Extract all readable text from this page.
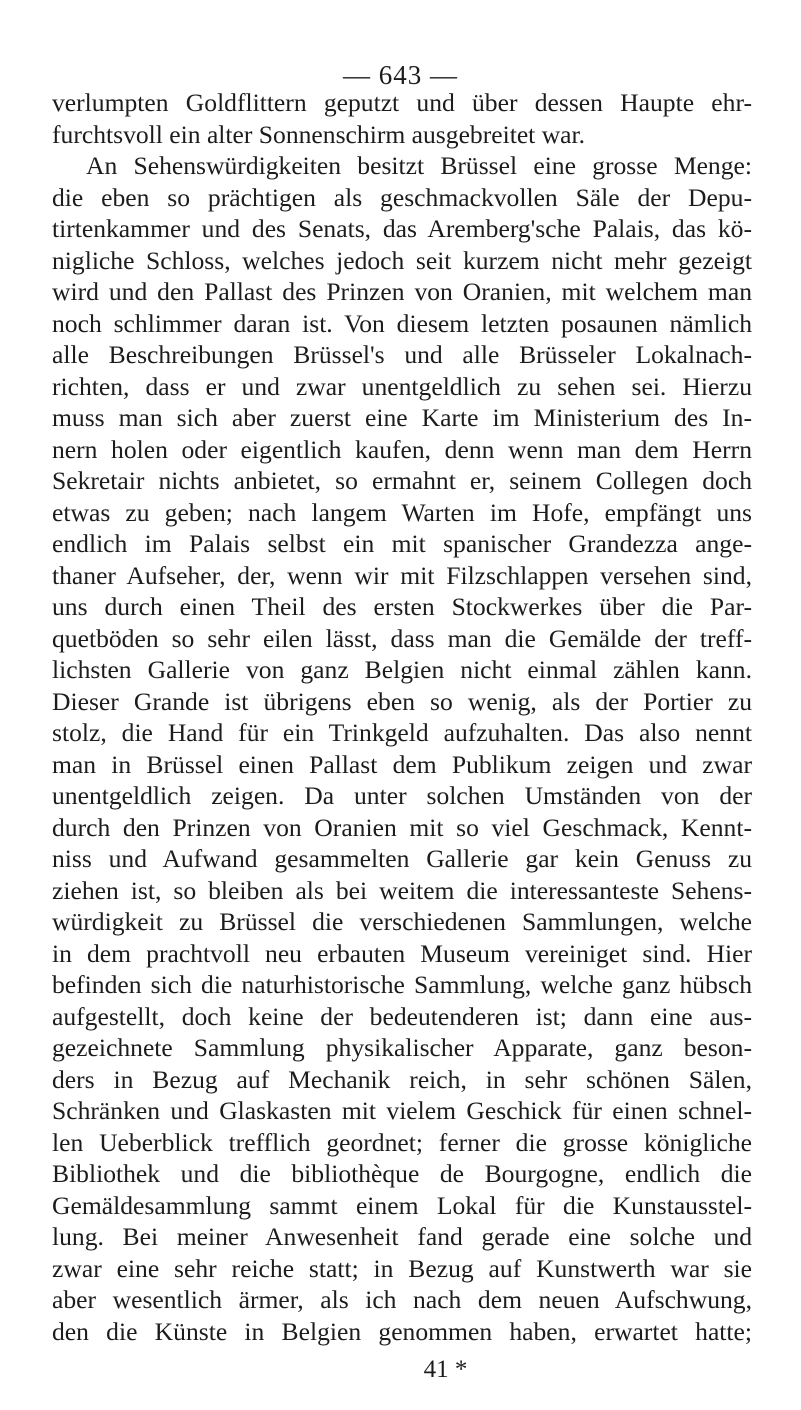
— 643 —
verlumpten Goldflittern geputzt und über dessen Haupte ehr-
furchtsvoll ein alter Sonnenschirm ausgebreitet war.
An Sehenswürdigkeiten besitzt Brüssel eine grosse Menge:
die eben so prächtigen als geschmackvollen Säle der Depu-
tirtenkammer und des Senats, das Aremberg'sche Palais, das kö-
nigliche Schloss, welches jedoch seit kurzem nicht mehr gezeigt
wird und den Pallast des Prinzen von Oranien, mit welchem man
noch schlimmer daran ist. Von diesem letzten posaunen nämlich
alle Beschreibungen Brüssel's und alle Brüsseler Lokalnach-
richten, dass er und zwar unentgeldlich zu sehen sei. Hierzu
muss man sich aber zuerst eine Karte im Ministerium des In-
nern holen oder eigentlich kaufen, denn wenn man dem Herrn
Sekretair nichts anbietet, so ermahnt er, seinem Collegen doch
etwas zu geben; nach langem Warten im Hofe, empfängt uns
endlich im Palais selbst ein mit spanischer Grandezza ange-
thaner Aufseher, der, wenn wir mit Filzschlappen versehen sind,
uns durch einen Theil des ersten Stockwerkes über die Par-
quetböden so sehr eilen lässt, dass man die Gemälde der treff-
lichsten Gallerie von ganz Belgien nicht einmal zählen kann.
Dieser Grande ist übrigens eben so wenig, als der Portier zu
stolz, die Hand für ein Trinkgeld aufzuhalten. Das also nennt
man in Brüssel einen Pallast dem Publikum zeigen und zwar
unentgeldlich zeigen. Da unter solchen Umständen von der
durch den Prinzen von Oranien mit so viel Geschmack, Kennt-
niss und Aufwand gesammelten Gallerie gar kein Genuss zu
ziehen ist, so bleiben als bei weitem die interessanteste Sehens-
würdigkeit zu Brüssel die verschiedenen Sammlungen, welche
in dem prachtvoll neu erbauten Museum vereiniget sind. Hier
befinden sich die naturhistorische Sammlung, welche ganz hübsch
aufgestellt, doch keine der bedeutenderen ist; dann eine aus-
gezeichnete Sammlung physikalischer Apparate, ganz beson-
ders in Bezug auf Mechanik reich, in sehr schönen Sälen,
Schränken und Glaskasten mit vielem Geschick für einen schnel-
len Ueberblick trefflich geordnet; ferner die grosse königliche
Bibliothek und die bibliothèque de Bourgogne, endlich die
Gemäldesammlung sammt einem Lokal für die Kunstausstel-
lung. Bei meiner Anwesenheit fand gerade eine solche und
zwar eine sehr reiche statt; in Bezug auf Kunstwerth war sie
aber wesentlich ärmer, als ich nach dem neuen Aufschwung,
den die Künste in Belgien genommen haben, erwartet hatte;
41 *
